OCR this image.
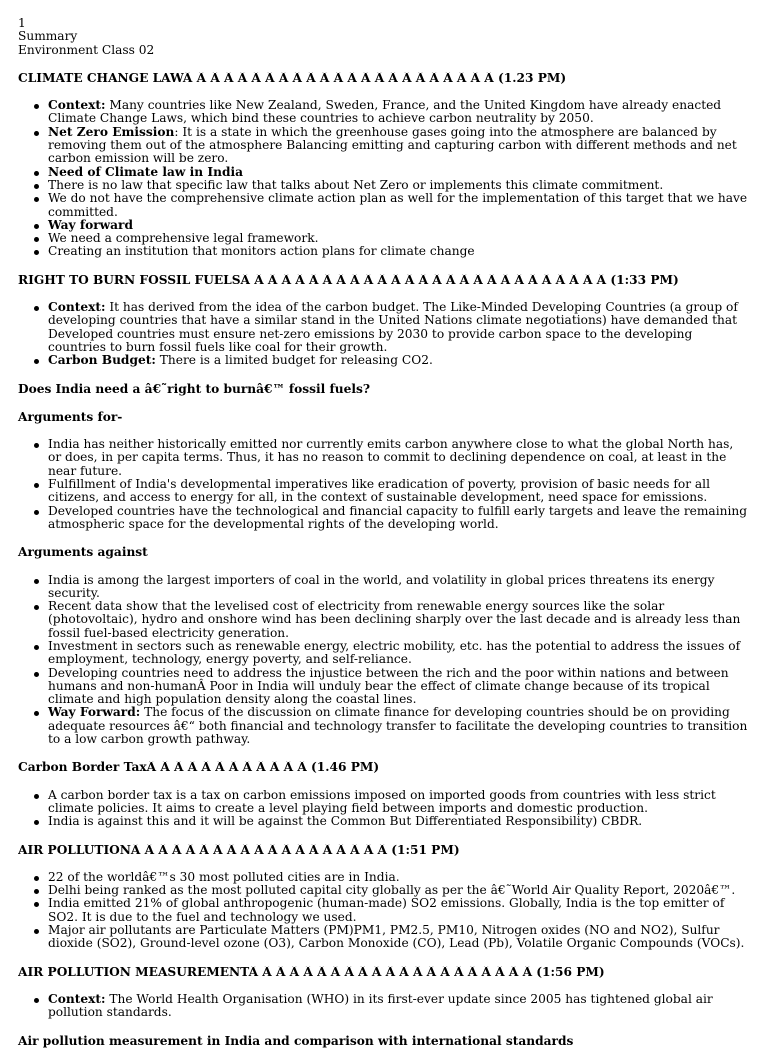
1
Summary
Environment Class 02
CLIMATE CHANGE LAWÂ Â Â Â Â Â Â Â Â Â Â Â Â Â Â Â Â Â Â Â Â Â Â (1.23 PM)
Context: Many countries like New Zealand, Sweden, France, and the United Kingdom have already enacted Climate Change Laws, which bind these countries to achieve carbon neutrality by 2050.
Net Zero Emission: It is a state in which the greenhouse gases going into the atmosphere are balanced by removing them out of the atmosphere Balancing emitting and capturing carbon with different methods and net carbon emission will be zero.
Need of Climate law in India
There is no law that specific law that talks about Net Zero or implements this climate commitment.
We do not have the comprehensive climate action plan as well for the implementation of this target that we have committed.
Way forward
We need a comprehensive legal framework.
Creating an institution that monitors action plans for climate change
RIGHT TO BURN FOSSIL FUELSÂ Â Â Â Â Â Â Â Â Â Â Â Â Â Â Â Â Â Â Â Â Â Â Â Â Â Â (1:33 PM)
Context: It has derived from the idea of the carbon budget. The Like-Minded Developing Countries (a group of developing countries that have a similar stand in the United Nations climate negotiations) have demanded that Developed countries must ensure net-zero emissions by 2030 to provide carbon space to the developing countries to burn fossil fuels like coal for their growth.
Carbon Budget: There is a limited budget for releasing CO2.
Does India need a â€˜right to burnâ€™ fossil fuels?
Arguments for-
India has neither historically emitted nor currently emits carbon anywhere close to what the global North has, or does, in per capita terms. Thus, it has no reason to commit to declining dependence on coal, at least in the near future.
Fulfillment of India's developmental imperatives like eradication of poverty, provision of basic needs for all citizens, and access to energy for all, in the context of sustainable development, need space for emissions.
Developed countries have the technological and financial capacity to fulfill early targets and leave the remaining atmospheric space for the developmental rights of the developing world.
Arguments against
India is among the largest importers of coal in the world, and volatility in global prices threatens its energy security.
Recent data show that the levelised cost of electricity from renewable energy sources like the solar (photovoltaic), hydro and onshore wind has been declining sharply over the last decade and is already less than fossil fuel-based electricity generation.
Investment in sectors such as renewable energy, electric mobility, etc. has the potential to address the issues of employment, technology, energy poverty, and self-reliance.
Developing countries need to address the injustice between the rich and the poor within nations and between humans and non-humanÂ Poor in India will unduly bear the effect of climate change because of its tropical climate and high population density along the coastal lines.
Way Forward: The focus of the discussion on climate finance for developing countries should be on providing adequate resources â€“ both financial and technology transfer to facilitate the developing countries to transition to a low carbon growth pathway.
Carbon Border TaxÂ Â Â Â Â Â Â Â Â Â Â Â (1.46 PM)
A carbon border tax is a tax on carbon emissions imposed on imported goods from countries with less strict climate policies. It aims to create a level playing field between imports and domestic production.
India is against this and it will be against the Common But Differentiated Responsibility) CBDR.
AIR POLLUTIONÂ Â Â Â Â Â Â Â Â Â Â Â Â Â Â Â Â Â Â (1:51 PM)
22 of the worldâ€™s 30 most polluted cities are in India.
Delhi being ranked as the most polluted capital city globally as per the â€˜World Air Quality Report, 2020â€™.
India emitted 21% of global anthropogenic (human-made) SO2 emissions. Globally, India is the top emitter of SO2. It is due to the fuel and technology we used.
Major air pollutants are Particulate Matters (PM)PM1, PM2.5, PM10, Nitrogen oxides (NO and NO2), Sulfur dioxide (SO2), Ground-level ozone (O3), Carbon Monoxide (CO), Lead (Pb), Volatile Organic Compounds (VOCs).
AIR POLLUTION MEASUREMENTÂ Â Â Â Â Â Â Â Â Â Â Â Â Â Â Â Â Â Â Â Â (1:56 PM)
Context: The World Health Organisation (WHO) in its first-ever update since 2005 has tightened global air pollution standards.
Air pollution measurement in India and comparison with international standards
